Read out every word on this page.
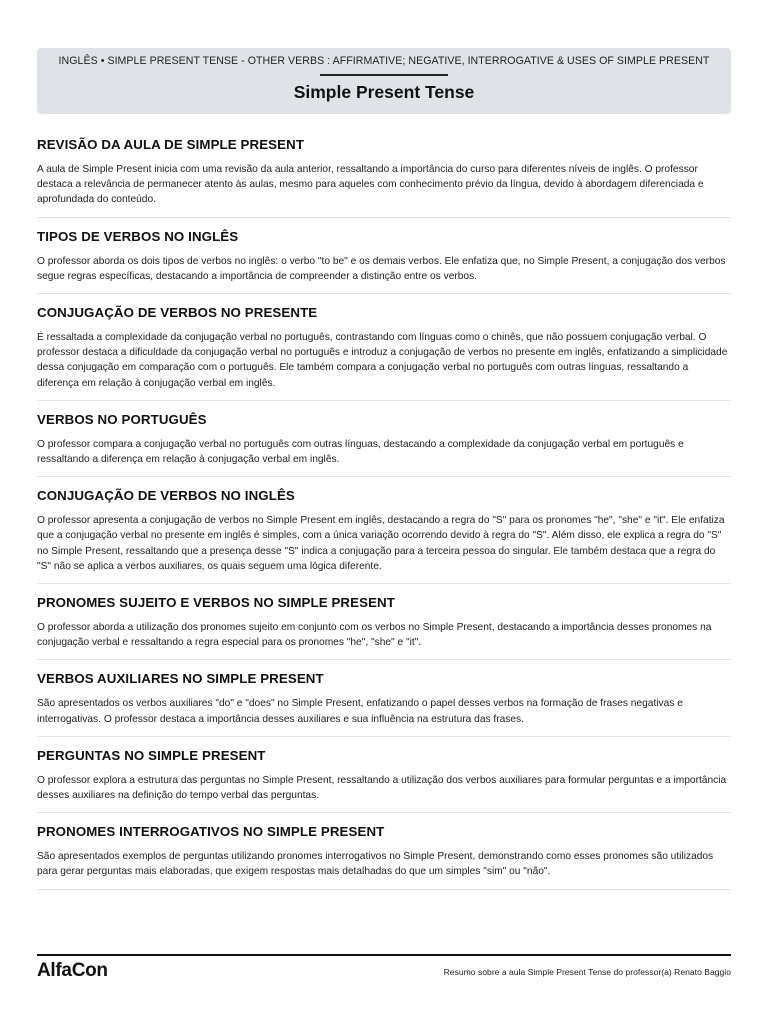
INGLÊS • SIMPLE PRESENT TENSE - OTHER VERBS : AFFIRMATIVE; NEGATIVE, INTERROGATIVE & USES OF SIMPLE PRESENT
Simple Present Tense
REVISÃO DA AULA DE SIMPLE PRESENT

A aula de Simple Present inicia com uma revisão da aula anterior, ressaltando a importância do curso para diferentes níveis de inglês. O professor destaca a relevância de permanecer atento às aulas, mesmo para aqueles com conhecimento prévio da língua, devido à abordagem diferenciada e aprofundada do conteúdo.

TIPOS DE VERBOS NO INGLÊS

O professor aborda os dois tipos de verbos no inglês: o verbo "to be" e os demais verbos. Ele enfatiza que, no Simple Present, a conjugação dos verbos segue regras específicas, destacando a importância de compreender a distinção entre os verbos.

CONJUGAÇÃO DE VERBOS NO PRESENTE

É ressaltada a complexidade da conjugação verbal no português, contrastando com línguas como o chinês, que não possuem conjugação verbal. O professor destaca a dificuldade da conjugação verbal no português e introduz a conjugação de verbos no presente em inglês, enfatizando a simplicidade dessa conjugação em comparação com o português. Ele também compara a conjugação verbal no português com outras línguas, ressaltando a diferença em relação à conjugação verbal em inglês.

VERBOS NO PORTUGUÊS

O professor compara a conjugação verbal no português com outras línguas, destacando a complexidade da conjugação verbal em português e ressaltando a diferença em relação à conjugação verbal em inglês.

CONJUGAÇÃO DE VERBOS NO INGLÊS

O professor apresenta a conjugação de verbos no Simple Present em inglês, destacando a regra do "S" para os pronomes "he", "she" e "it". Ele enfatiza que a conjugação verbal no presente em inglês é simples, com a única variação ocorrendo devido à regra do "S". Além disso, ele explica a regra do "S" no Simple Present, ressaltando que a presença desse "S" indica a conjugação para a terceira pessoa do singular. Ele também destaca que a regra do "S" não se aplica a verbos auxiliares, os quais seguem uma lógica diferente.

PRONOMES SUJEITO E VERBOS NO SIMPLE PRESENT

O professor aborda a utilização dos pronomes sujeito em conjunto com os verbos no Simple Present, destacando a importância desses pronomes na conjugação verbal e ressaltando a regra especial para os pronomes "he", "she" e "it".

VERBOS AUXILIARES NO SIMPLE PRESENT

São apresentados os verbos auxiliares "do" e "does" no Simple Present, enfatizando o papel desses verbos na formação de frases negativas e interrogativas. O professor destaca a importância desses auxiliares e sua influência na estrutura das frases.

PERGUNTAS NO SIMPLE PRESENT

O professor explora a estrutura das perguntas no Simple Present, ressaltando a utilização dos verbos auxiliares para formular perguntas e a importância desses auxiliares na definição do tempo verbal das perguntas.

PRONOMES INTERROGATIVOS NO SIMPLE PRESENT

São apresentados exemplos de perguntas utilizando pronomes interrogativos no Simple Present, demonstrando como esses pronomes são utilizados para gerar perguntas mais elaboradas, que exigem respostas mais detalhadas do que um simples "sim" ou "não".

AlfaCon	Resumo sobre a aula Simple Present Tense do professor(a) Renato Baggio
